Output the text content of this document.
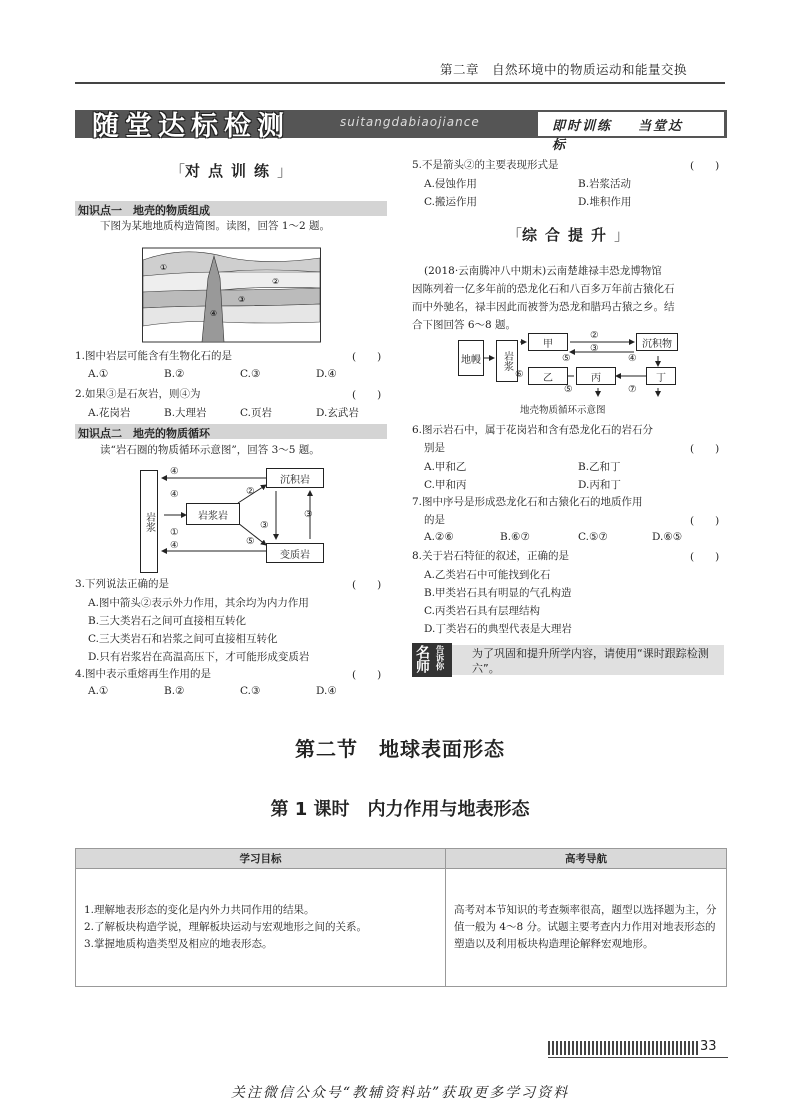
第二章　自然环境中的物质运动和能量交换
随堂达标检测	suitangdabiaojiance	即时训练 当堂达标
「对点训练」
知识点一　地壳的物质组成
下图为某地地质构造简图。读图，回答 1～2 题。
①
②
③
④
1.图中岩层可能含有生物化石的是	(　　)
A.①	B.②	C.③	D.④
2.如果③是石灰岩，则④为	(　　)
A.花岗岩	B.大理岩	C.页岩	D.玄武岩
知识点二　地壳的物质循环
读“岩石圈的物质循环示意图”，回答 3～5 题。
岩浆	岩浆岩
沉积岩
变质岩
④
④
①
④
②
③
⑤
③
3.下列说法正确的是	(　　)
A.图中箭头②表示外力作用，其余均为内力作用
B.三大类岩石之间可直接相互转化
C.三大类岩石和岩浆之间可直接相互转化
D.只有岩浆岩在高温高压下，才可能形成变质岩
4.图中表示重熔再生作用的是	(　　)
A.①	B.②	C.③	D.④
5.不是箭头②的主要表现形式是	(　　)
A.侵蚀作用	B.岩浆活动
C.搬运作用	D.堆积作用
「综合提升」
(2018·云南腾冲八中期末)云南楚雄禄丰恐龙博物馆
因陈列着一亿多年前的恐龙化石和八百多万年前古猿化石
而中外驰名，禄丰因此而被誉为恐龙和腊玛古猿之乡。结
合下图回答 6～8 题。
地幔	岩浆
甲	沉积物
乙	丙	丁
②
③
④
⑤
⑥
⑦
⑤
地壳物质循环示意图
6.图示岩石中，属于花岗岩和含有恐龙化石的岩石分
别是	(　　)
A.甲和乙	B.乙和丁
C.甲和丙	D.丙和丁
7.图中序号是形成恐龙化石和古猿化石的地质作用
的是	(　　)
A.②⑥	B.⑥⑦	C.⑤⑦	D.⑥⑤
8.关于岩石特征的叙述，正确的是	(　　)
A.乙类岩石中可能找到化石
B.甲类岩石具有明显的气孔构造
C.丙类岩石具有层理结构
D.丁类岩石的典型代表是大理岩
名师 告诉你	为了巩固和提升所学内容，请使用“课时跟踪检测六”。
第二节　地球表面形态
第 1 课时　内力作用与地表形态
学习目标	高考导航

1.理解地表形态的变化是内外力共同作用的结果。
2.了解板块构造学说，理解板块运动与宏观地形之间的关系。
3.掌握地质构造类型及相应的地表形态。	高考对本节知识的考查频率很高，题型以选择题为主，分值一般为 4～8 分。试题主要考查内力作用对地表形态的塑造以及利用板块构造理论解释宏观地形。
33
关注微信公众号“教辅资料站”获取更多学习资料
